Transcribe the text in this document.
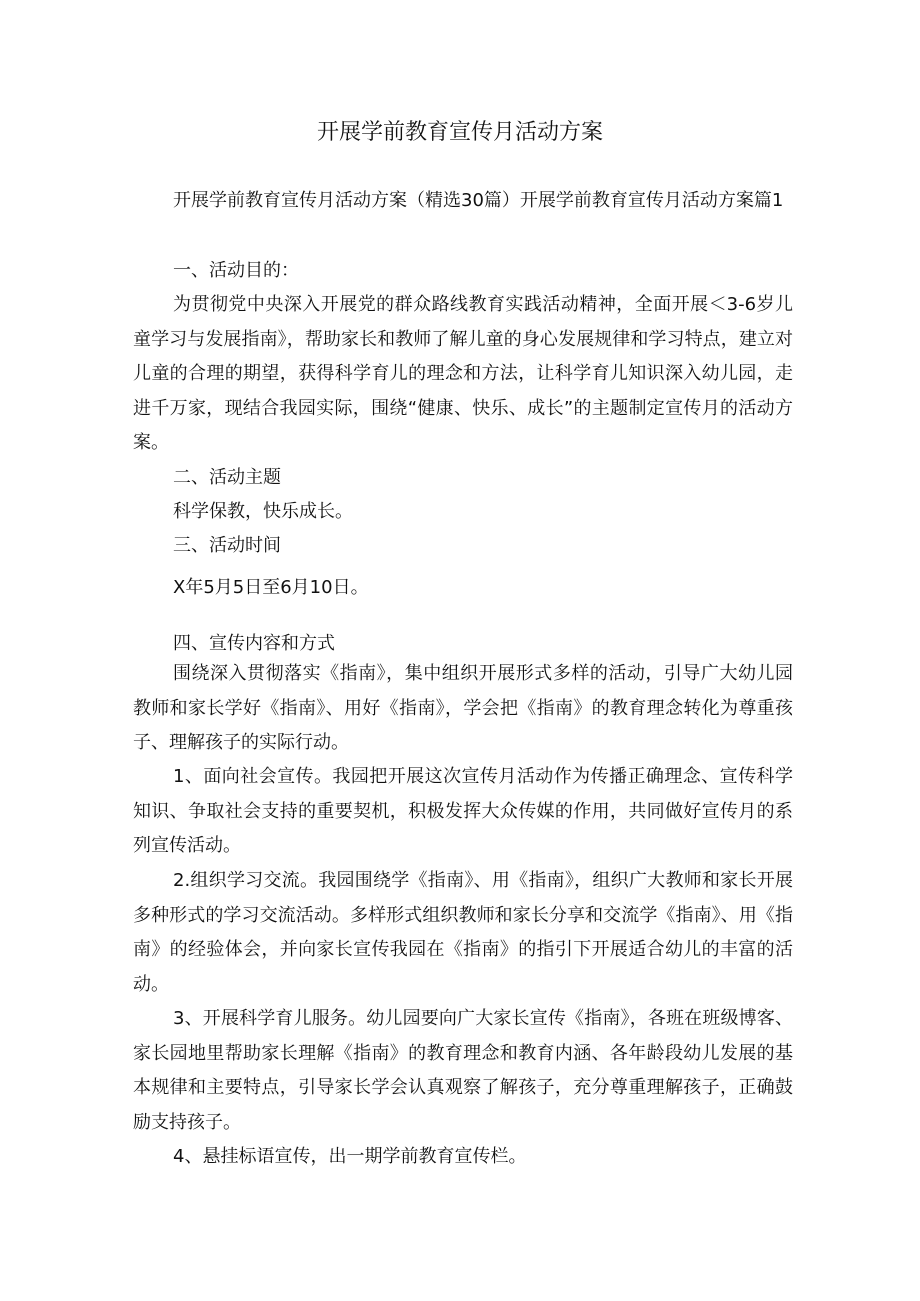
开展学前教育宣传月活动方案

开展学前教育宣传月活动方案（精选30篇）开展学前教育宣传月活动方案篇1

一、活动目的：

为贯彻党中央深入开展党的群众路线教育实践活动精神，全面开展＜3-6岁儿童学习与发展指南》，帮助家长和教师了解儿童的身心发展规律和学习特点，建立对儿童的合理的期望，获得科学育儿的理念和方法，让科学育儿知识深入幼儿园，走进千万家，现结合我园实际，围绕“健康、快乐、成长”的主题制定宣传月的活动方案。

二、活动主题

科学保教，快乐成长。

三、活动时间

X年5月5日至6月10日。

四、宣传内容和方式

围绕深入贯彻落实《指南》，集中组织开展形式多样的活动，引导广大幼儿园教师和家长学好《指南》、用好《指南》，学会把《指南》的教育理念转化为尊重孩子、理解孩子的实际行动。

1、面向社会宣传。我园把开展这次宣传月活动作为传播正确理念、宣传科学知识、争取社会支持的重要契机，积极发挥大众传媒的作用，共同做好宣传月的系列宣传活动。

2.组织学习交流。我园围绕学《指南》、用《指南》，组织广大教师和家长开展多种形式的学习交流活动。多样形式组织教师和家长分享和交流学《指南》、用《指南》的经验体会，并向家长宣传我园在《指南》的指引下开展适合幼儿的丰富的活动。

3、开展科学育儿服务。幼儿园要向广大家长宣传《指南》，各班在班级博客、家长园地里帮助家长理解《指南》的教育理念和教育内涵、各年龄段幼儿发展的基本规律和主要特点，引导家长学会认真观察了解孩子，充分尊重理解孩子，正确鼓励支持孩子。

4、悬挂标语宣传，出一期学前教育宣传栏。
